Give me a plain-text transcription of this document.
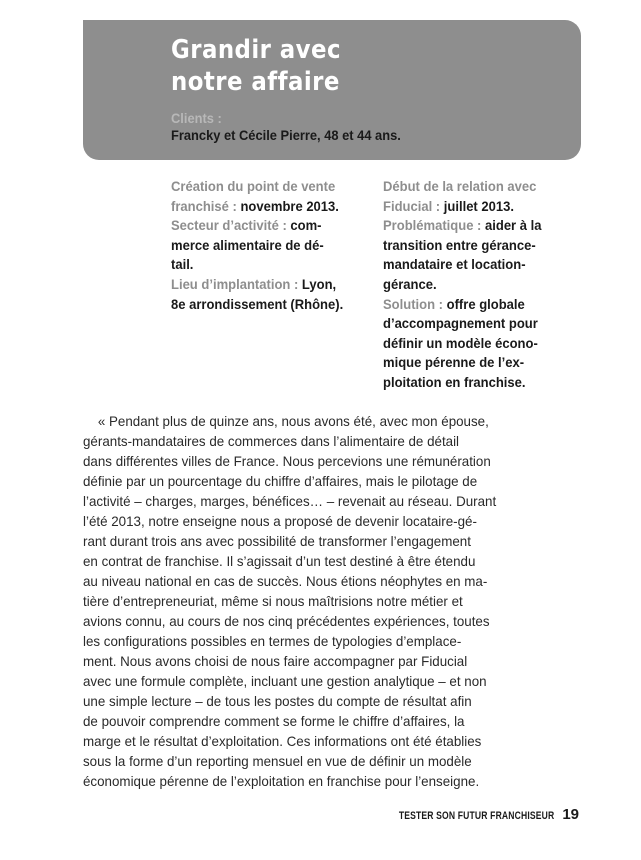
Grandir avec
notre affaire
Clients :
Francky et Cécile Pierre, 48 et 44 ans.
Création du point de vente
franchisé : novembre 2013.
Secteur d’activité : com-
merce alimentaire de dé-
tail.
Lieu d’implantation : Lyon,
8e arrondissement (Rhône).
Début de la relation avec
Fiducial : juillet 2013.
Problématique : aider à la
transition entre gérance-
mandataire et location-
gérance.
Solution : offre globale
d’accompagnement pour
définir un modèle écono-
mique pérenne de l’ex-
ploitation en franchise.
« Pendant plus de quinze ans, nous avons été, avec mon épouse,
gérants-mandataires de commerces dans l’alimentaire de détail
dans différentes villes de France. Nous percevions une rémunération
définie par un pourcentage du chiffre d’affaires, mais le pilotage de
l’activité – charges, marges, bénéfices… – revenait au réseau. Durant
l’été 2013, notre enseigne nous a proposé de devenir locataire-gé-
rant durant trois ans avec possibilité de transformer l’engagement
en contrat de franchise. Il s’agissait d’un test destiné à être étendu
au niveau national en cas de succès. Nous étions néophytes en ma-
tière d’entrepreneuriat, même si nous maîtrisions notre métier et
avions connu, au cours de nos cinq précédentes expériences, toutes
les configurations possibles en termes de typologies d’emplace-
ment. Nous avons choisi de nous faire accompagner par Fiducial
avec une formule complète, incluant une gestion analytique – et non
une simple lecture – de tous les postes du compte de résultat afin
de pouvoir comprendre comment se forme le chiffre d’affaires, la
marge et le résultat d’exploitation. Ces informations ont été établies
sous la forme d’un reporting mensuel en vue de définir un modèle
économique pérenne de l’exploitation en franchise pour l’enseigne.
TESTER SON FUTUR FRANCHISEUR 19
